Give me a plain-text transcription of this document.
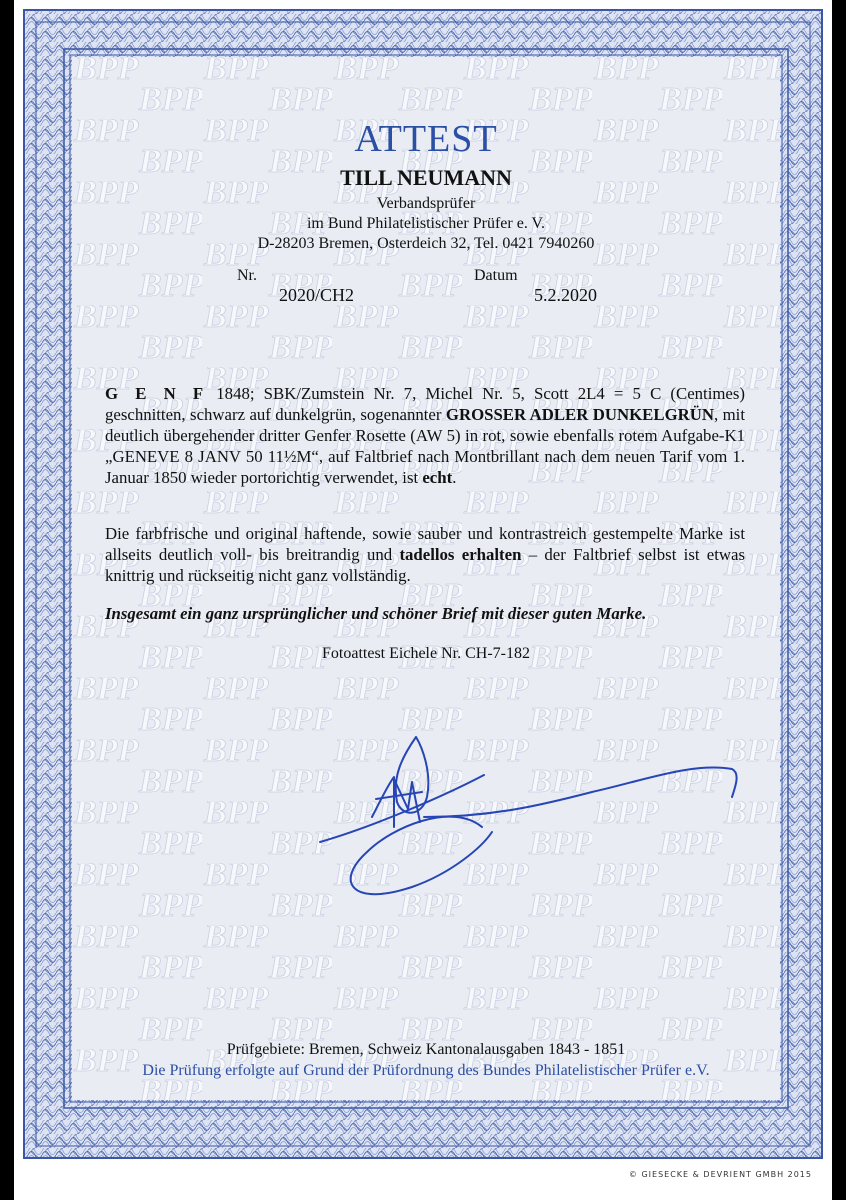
ATTEST
TILL NEUMANN
Verbandsprüfer
im Bund Philatelistischer Prüfer e. V.
D-28203 Bremen, Osterdeich 32, Tel. 0421 7940260
Nr.	Datum
2020/CH2	5.2.2020
G E N F 1848; SBK/Zumstein Nr. 7, Michel Nr. 5, Scott 2L4 = 5 C (Centimes) geschnitten, schwarz auf dunkelgrün, sogenannter GROSSER ADLER DUNKELGRÜN, mit deutlich übergehender dritter Genfer Rosette (AW 5) in rot, sowie ebenfalls rotem Aufgabe-K1 „GENEVE 8 JANV 50 11½M“, auf Faltbrief nach Montbrillant nach dem neuen Tarif vom 1. Januar 1850 wieder portorichtig verwendet, ist echt.
Die farbfrische und original haftende, sowie sauber und kontrastreich gestempelte Marke ist allseits deutlich voll- bis breitrandig und tadellos erhalten – der Faltbrief selbst ist etwas knittrig und rückseitig nicht ganz vollständig.
Insgesamt ein ganz ursprünglicher und schöner Brief mit dieser guten Marke.
Fotoattest Eichele Nr. CH-7-182
Prüfgebiete: Bremen, Schweiz Kantonalausgaben 1843 - 1851
Die Prüfung erfolgte auf Grund der Prüfordnung des Bundes Philatelistischer Prüfer e.V.
© GIESECKE & DEVRIENT GMBH 2015
